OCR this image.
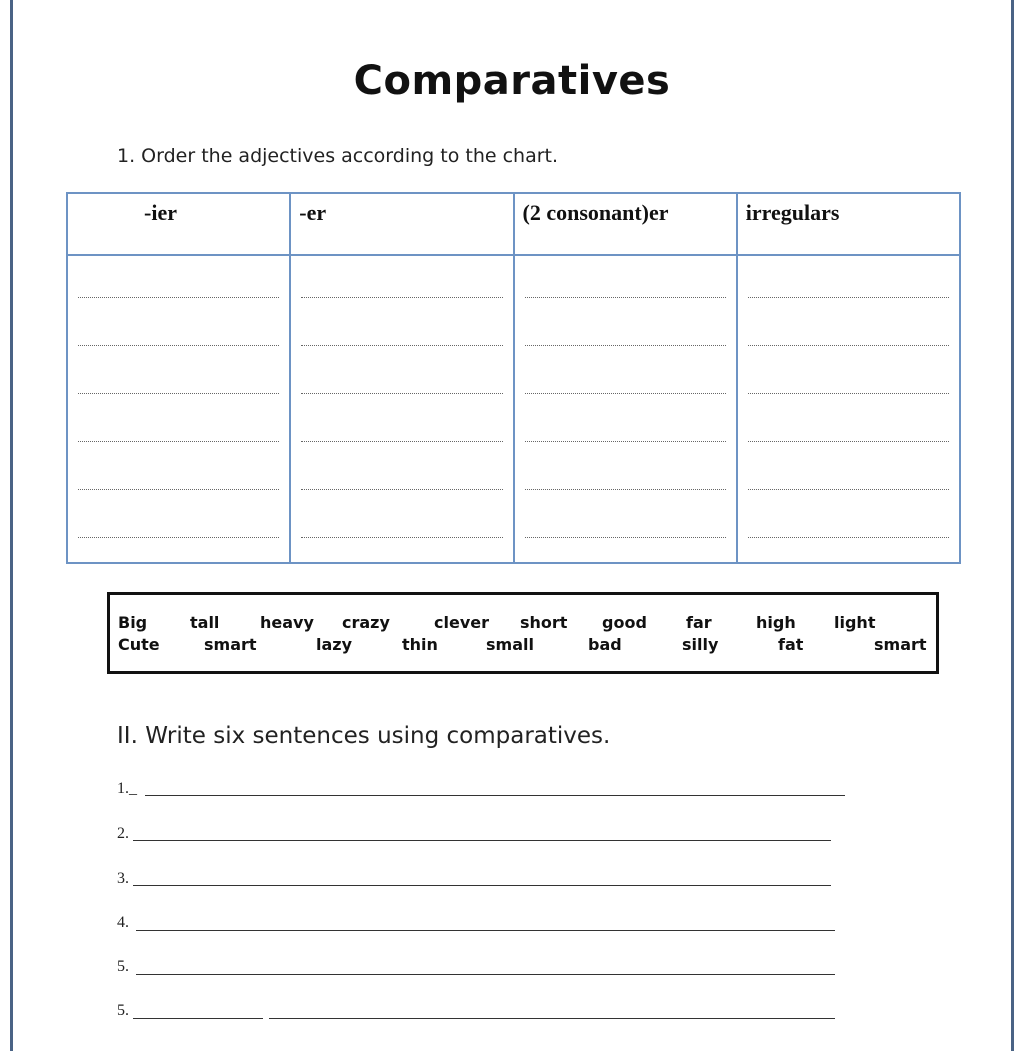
Comparatives
1. Order the adjectives according to the chart.
-ier	-er	(2 consonant)er	irregulars

Big	tall	heavy crazy	clever short good far	high light
Cute	smart	lazy	thin	small	bad	silly	fat	smart
II. Write six sentences using comparatives.
1._
2.
3.
4.
5.
5.
